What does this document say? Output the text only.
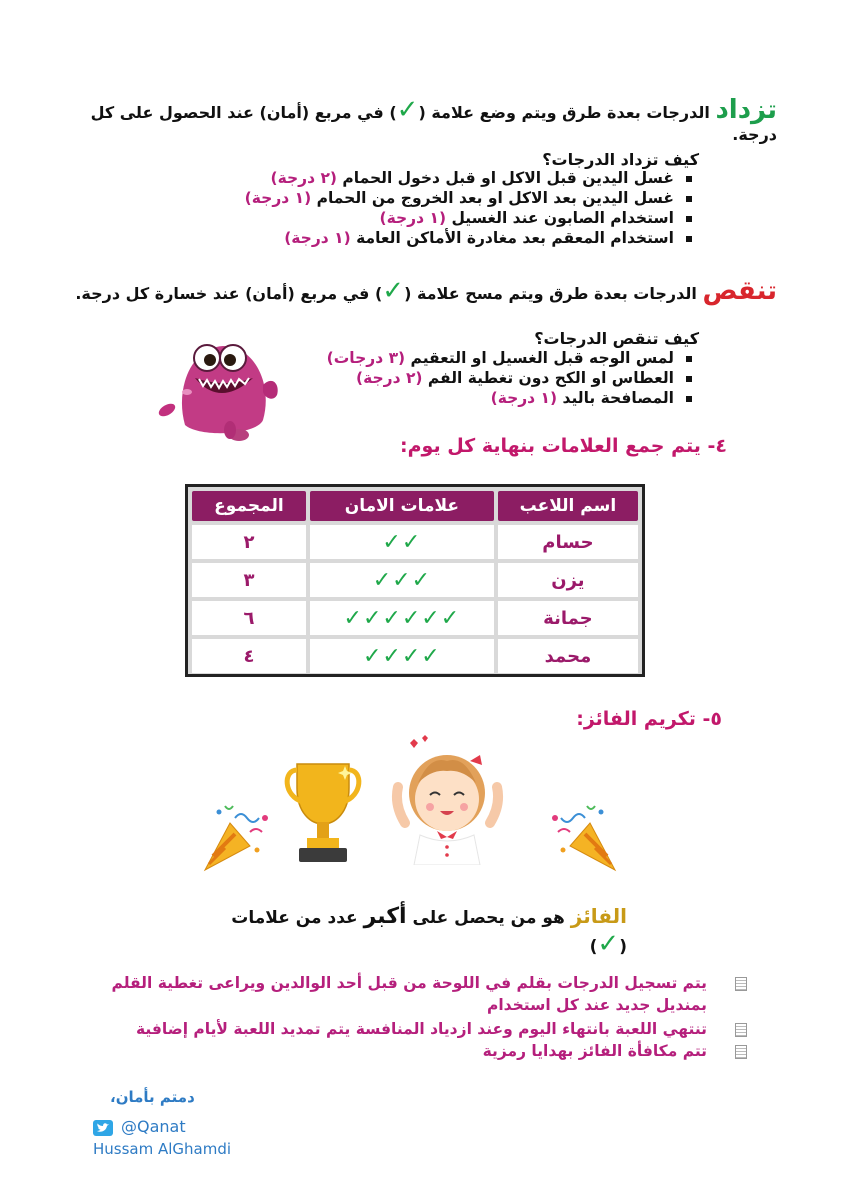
تزداد الدرجات بعدة طرق ويتم وضع علامة (✓) في مربع (أمان) عند الحصول على كل درجة.
كيف تزداد الدرجات؟
غسل اليدين قبل الاكل او قبل دخول الحمام (٢ درجة)
غسل اليدين بعد الاكل او بعد الخروج من الحمام (١ درجة)
استخدام الصابون عند الغسيل (١ درجة)
استخدام المعقم بعد مغادرة الأماكن العامة (١ درجة)
تنقص الدرجات بعدة طرق ويتم مسح علامة (✓) في مربع (أمان) عند خسارة كل درجة.
كيف تنقص الدرجات؟
لمس الوجه قبل الغسيل او التعقيم (٣ درجات)
العطاس او الكح دون تغطية الفم (٢ درجة)
المصافحة باليد (١ درجة)
٤- يتم جمع العلامات بنهاية كل يوم:
اسم اللاعب	علامات الامان	المجموع
حسام	✓✓	٢
يزن	✓✓✓	٣
جمانة	✓✓✓✓✓✓	٦
محمد	✓✓✓✓	٤
٥- تكريم الفائز:
الفائز هو من يحصل على أكبر عدد من علامات (✓)
يتم تسجيل الدرجات بقلم في اللوحة من قبل أحد الوالدين ويراعى تغطية القلم بمنديل جديد عند كل استخدام
تنتهي اللعبة بانتهاء اليوم وعند ازدياد المنافسة يتم تمديد اللعبة لأيام إضافية
تتم مكافأة الفائز بهدايا رمزية
دمتم بأمان،
@Qanat
Hussam AlGhamdi
